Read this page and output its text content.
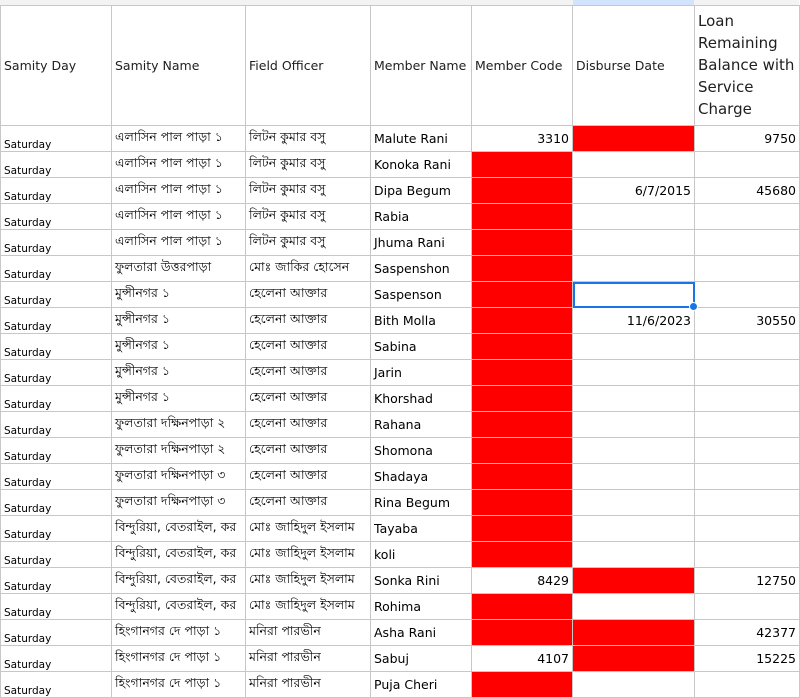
Samity Day	Samity Name	Field Officer	Member Name	Member Code	Disburse Date	Loan Remaining Balance with Service Charge
Saturday	এলাসিন পাল পাড়া ১	লিটন কুমার বসু	Malute Rani	3310		9750
Saturday	এলাসিন পাল পাড়া ১	লিটন কুমার বসু	Konoka Rani			
Saturday	এলাসিন পাল পাড়া ১	লিটন কুমার বসু	Dipa Begum		6/7/2015	45680
Saturday	এলাসিন পাল পাড়া ১	লিটন কুমার বসু	Rabia			
Saturday	এলাসিন পাল পাড়া ১	লিটন কুমার বসু	Jhuma Rani			
Saturday	ফুলতারা উত্তরপাড়া	মোঃ জাকির হোসেন	Saspenshon			
Saturday	মুন্সীনগর ১	হেলেনা আক্তার	Saspenson		

Saturday	মুন্সীনগর ১	হেলেনা আক্তার	Bith Molla		11/6/2023	30550
Saturday	মুন্সীনগর ১	হেলেনা আক্তার	Sabina			
Saturday	মুন্সীনগর ১	হেলেনা আক্তার	Jarin			
Saturday	মুন্সীনগর ১	হেলেনা আক্তার	Khorshad			
Saturday	ফুলতারা দক্ষিনপাড়া ২	হেলেনা আক্তার	Rahana			
Saturday	ফুলতারা দক্ষিনপাড়া ২	হেলেনা আক্তার	Shomona			
Saturday	ফুলতারা দক্ষিনপাড়া ৩	হেলেনা আক্তার	Shadaya			
Saturday	ফুলতারা দক্ষিনপাড়া ৩	হেলেনা আক্তার	Rina Begum			
Saturday	বিন্দুরিয়া, বেতরাইল, কর	মোঃ জাহিদুল ইসলাম	Tayaba			
Saturday	বিন্দুরিয়া, বেতরাইল, কর	মোঃ জাহিদুল ইসলাম	koli			
Saturday	বিন্দুরিয়া, বেতরাইল, কর	মোঃ জাহিদুল ইসলাম	Sonka Rini	8429		12750
Saturday	বিন্দুরিয়া, বেতরাইল, কর	মোঃ জাহিদুল ইসলাম	Rohima			
Saturday	হিংগানগর দে পাড়া ১	মনিরা পারভীন	Asha Rani			42377
Saturday	হিংগানগর দে পাড়া ১	মনিরা পারভীন	Sabuj	4107		15225
Saturday	হিংগানগর দে পাড়া ১	মনিরা পারভীন	Puja Cheri			
